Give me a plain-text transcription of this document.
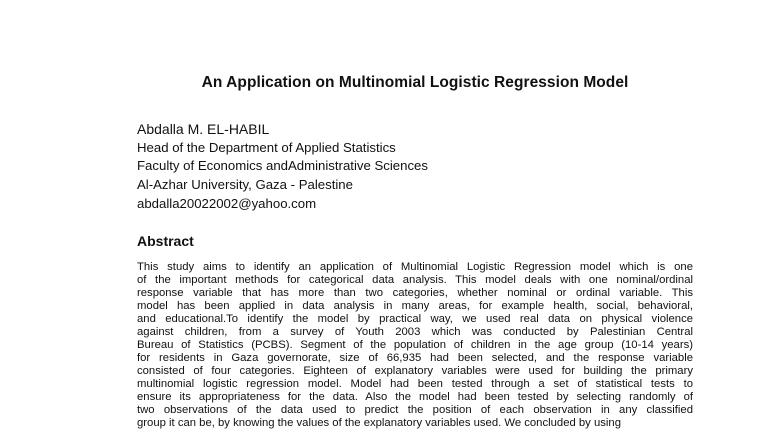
An Application on Multinomial Logistic Regression Model
Abdalla M. EL-HABIL
Head of the Department of Applied Statistics
Faculty of Economics andAdministrative Sciences
Al-Azhar University, Gaza - Palestine
abdalla20022002@yahoo.com
Abstract
This study aims to identify an application of Multinomial Logistic Regression model which is one
of the important methods for categorical data analysis. This model deals with one nominal/ordinal
response variable that has more than two categories, whether nominal or ordinal variable. This
model has been applied in data analysis in many areas, for example health, social, behavioral,
and educational.To identify the model by practical way, we used real data on physical violence
against children, from a survey of Youth 2003 which was conducted by Palestinian Central
Bureau of Statistics (PCBS). Segment of the population of children in the age group (10-14 years)
for residents in Gaza governorate, size of 66,935 had been selected, and the response variable
consisted of four categories. Eighteen of explanatory variables were used for building the primary
multinomial logistic regression model. Model had been tested through a set of statistical tests to
ensure its appropriateness for the data. Also the model had been tested by selecting randomly of
two observations of the data used to predict the position of each observation in any classified
group it can be, by knowing the values of the explanatory variables used. We concluded by using
